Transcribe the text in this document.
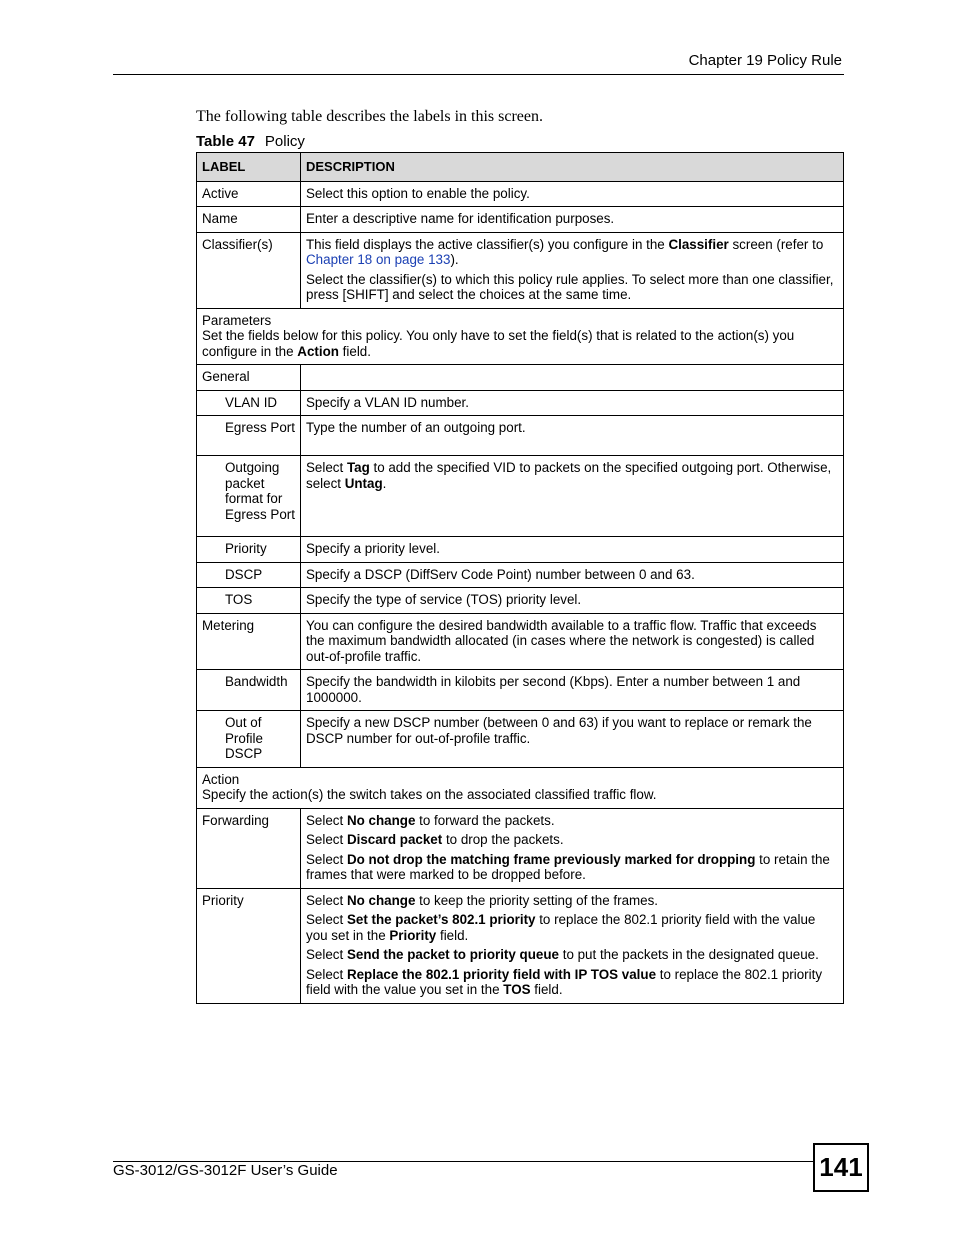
Chapter 19 Policy Rule
The following table describes the labels in this screen.
Table 47 Policy
LABEL	DESCRIPTION
Active	Select this option to enable the policy.
Name	Enter a descriptive name for identification purposes.
Classifier(s)	This field displays the active classifier(s) you configure in the Classifier screen (refer to Chapter 18 on page 133).

Select the classifier(s) to which this policy rule applies. To select more than one classifier, press [SHIFT] and select the choices at the same time.

Parameters
Set the fields below for this policy. You only have to set the field(s) that is related to the action(s) you configure in the Action field.	

General	
VLAN ID	Specify a VLAN ID number.
Egress Port	Type the number of an outgoing port.
Outgoing packet format for Egress Port	Select Tag to add the specified VID to packets on the specified outgoing port. Otherwise, select Untag.
Priority	Specify a priority level.
DSCP	Specify a DSCP (DiffServ Code Point) number between 0 and 63.
TOS	Specify the type of service (TOS) priority level.
Metering	You can configure the desired bandwidth available to a traffic flow. Traffic that exceeds the maximum bandwidth allocated (in cases where the network is congested) is called out-of-profile traffic.
Bandwidth	Specify the bandwidth in kilobits per second (Kbps). Enter a number between 1 and 1000000.
Out of Profile DSCP	Specify a new DSCP number (between 0 and 63) if you want to replace or remark the DSCP number for out-of-profile traffic.

Action
Specify the action(s) the switch takes on the associated classified traffic flow.	

Forwarding	Select No change to forward the packets.

Select Discard packet to drop the packets.

Select Do not drop the matching frame previously marked for dropping to retain the frames that were marked to be dropped before.

Priority	Select No change to keep the priority setting of the frames.

Select Set the packet’s 802.1 priority to replace the 802.1 priority field with the value you set in the Priority field.

Select Send the packet to priority queue to put the packets in the designated queue.

Select Replace the 802.1 priority field with IP TOS value to replace the 802.1 priority field with the value you set in the TOS field.

GS-3012/GS-3012F User’s Guide	141
